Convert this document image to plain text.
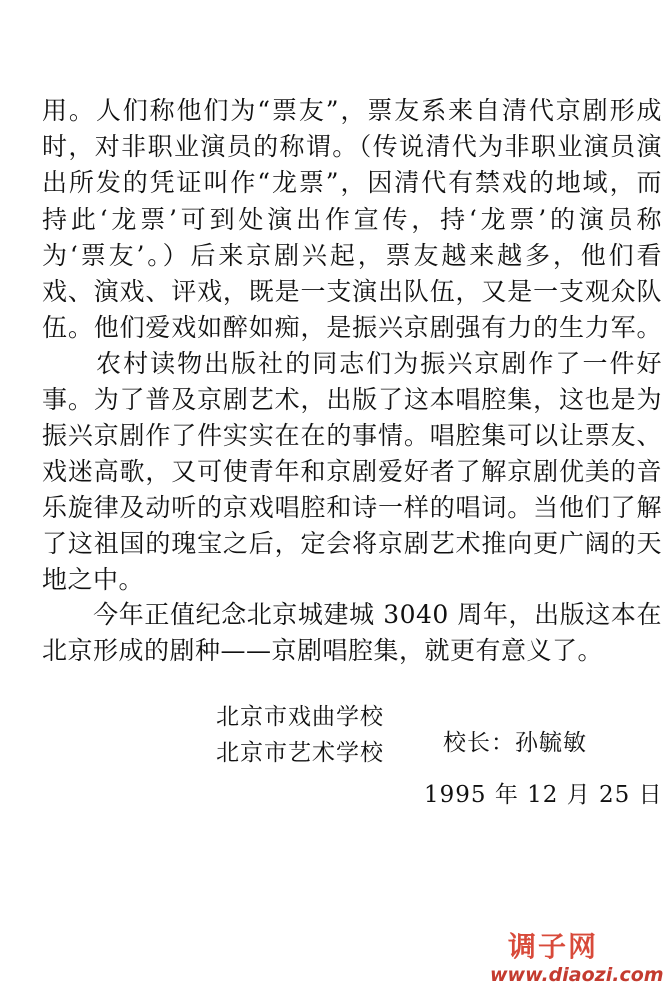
用。人们称他们为“票友”，票友系来自清代京剧形成
时，对非职业演员的称谓。（传说清代为非职业演员演
出所发的凭证叫作“龙票”，因清代有禁戏的地域，而
持此‘龙票’可到处演出作宣传，持‘龙票’的演员称
为‘票友’。）后来京剧兴起，票友越来越多，他们看
戏、演戏、评戏，既是一支演出队伍，又是一支观众队
伍。他们爱戏如醉如痴，是振兴京剧强有力的生力军。
　　农村读物出版社的同志们为振兴京剧作了一件好
事。为了普及京剧艺术，出版了这本唱腔集，这也是为
振兴京剧作了件实实在在的事情。唱腔集可以让票友、
戏迷高歌，又可使青年和京剧爱好者了解京剧优美的音
乐旋律及动听的京戏唱腔和诗一样的唱词。当他们了解
了这祖国的瑰宝之后，定会将京剧艺术推向更广阔的天
地之中。
　　今年正值纪念北京城建城 3040 周年，出版这本在
北京形成的剧种——京剧唱腔集，就更有意义了。
北京市戏曲学校
北京市艺术学校	校长：孙毓敏
1995 年 12 月 25 日
调子网
www.diaozi.com
